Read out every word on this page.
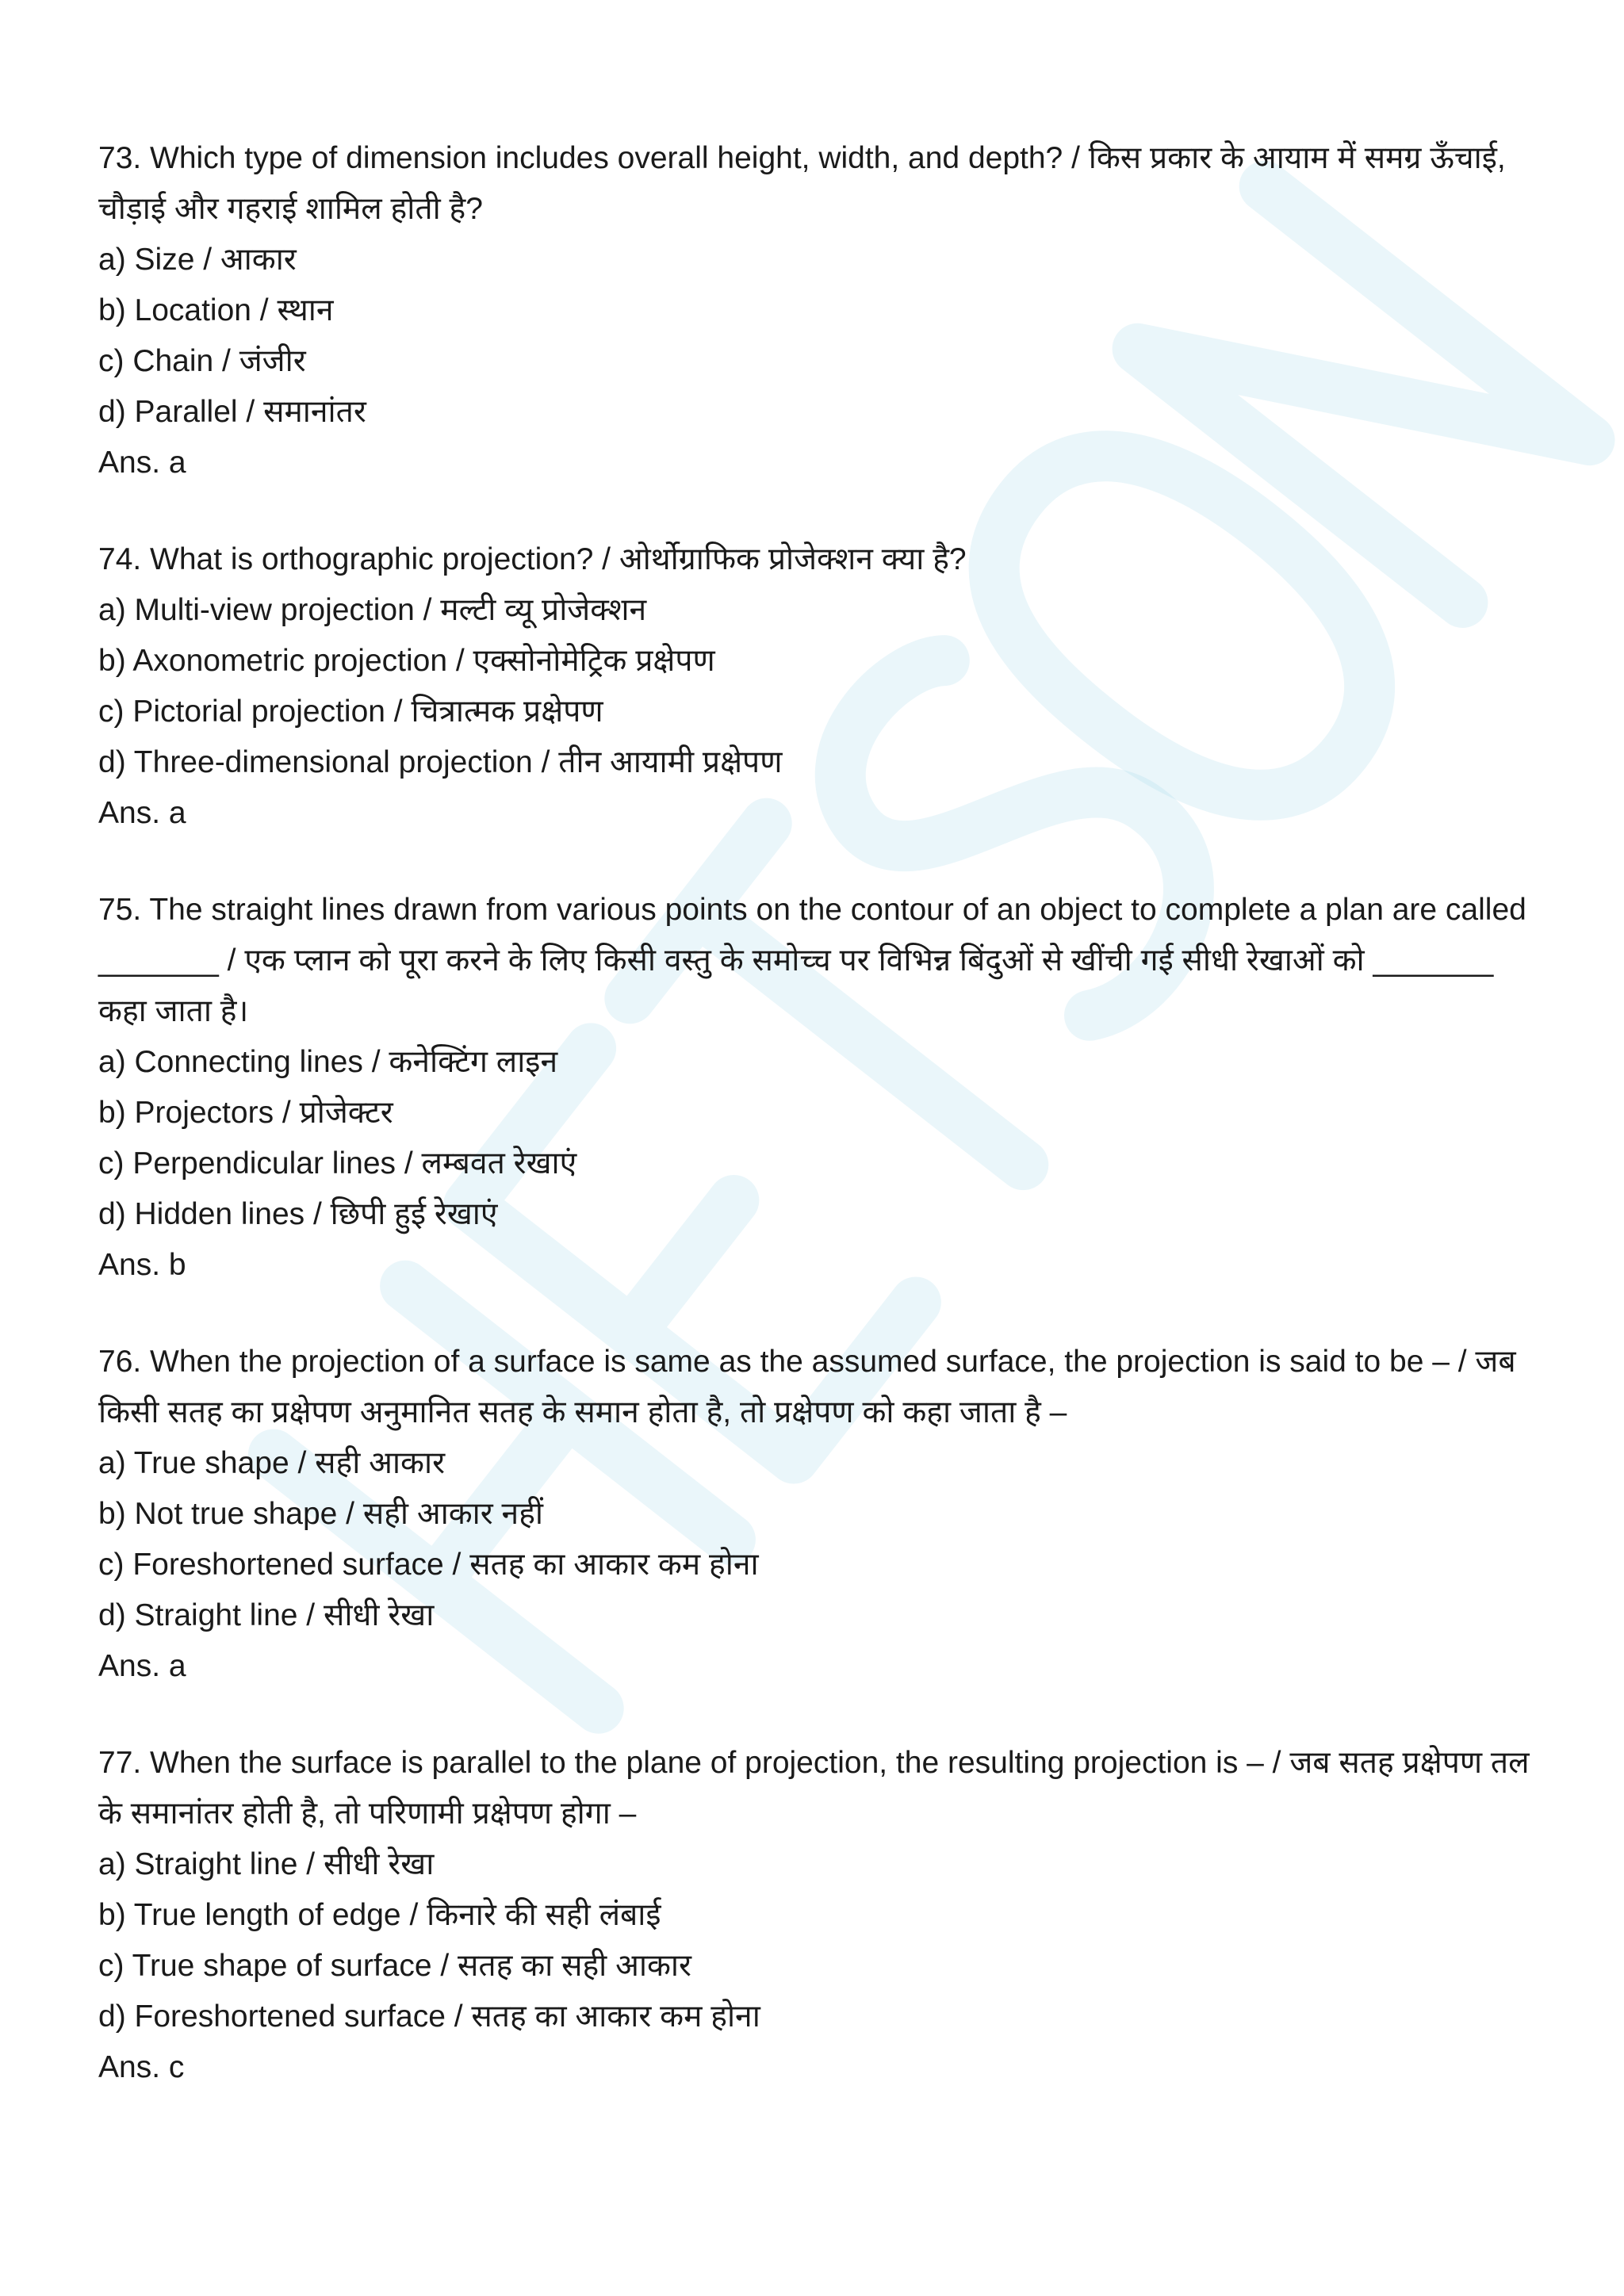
73. Which type of dimension includes overall height, width, and depth? / किस प्रकार के आयाम में समग्र ऊँचाई, चौड़ाई और गहराई शामिल होती है?

a) Size / आकार

b) Location / स्थान

c) Chain / जंजीर

d) Parallel / समानांतर

Ans. a

74. What is orthographic projection? / ओर्थोग्राफिक प्रोजेक्शन क्या है?

a) Multi-view projection / मल्टी व्यू प्रोजेक्शन

b) Axonometric projection / एक्सोनोमेट्रिक प्रक्षेपण

c) Pictorial projection / चित्रात्मक प्रक्षेपण

d) Three-dimensional projection / तीन आयामी प्रक्षेपण

Ans. a

75. The straight lines drawn from various points on the contour of an object to complete a plan are called _______ / एक प्लान को पूरा करने के लिए किसी वस्तु के समोच्च पर विभिन्न बिंदुओं से खींची गई सीधी रेखाओं को _______ कहा जाता है।

a) Connecting lines / कनेक्टिंग लाइन

b) Projectors / प्रोजेक्टर

c) Perpendicular lines / लम्बवत रेखाएं

d) Hidden lines / छिपी हुई रेखाएं

Ans. b

76. When the projection of a surface is same as the assumed surface, the projection is said to be – / जब किसी सतह का प्रक्षेपण अनुमानित सतह के समान होता है, तो प्रक्षेपण को कहा जाता है –

a) True shape / सही आकार

b) Not true shape / सही आकार नहीं

c) Foreshortened surface / सतह का आकार कम होना

d) Straight line / सीधी रेखा

Ans. a

77. When the surface is parallel to the plane of projection, the resulting projection is – / जब सतह प्रक्षेपण तल के समानांतर होती है, तो परिणामी प्रक्षेपण होगा –

a) Straight line / सीधी रेखा

b) True length of edge / किनारे की सही लंबाई

c) True shape of surface / सतह का सही आकार

d) Foreshortened surface / सतह का आकार कम होना

Ans. c
